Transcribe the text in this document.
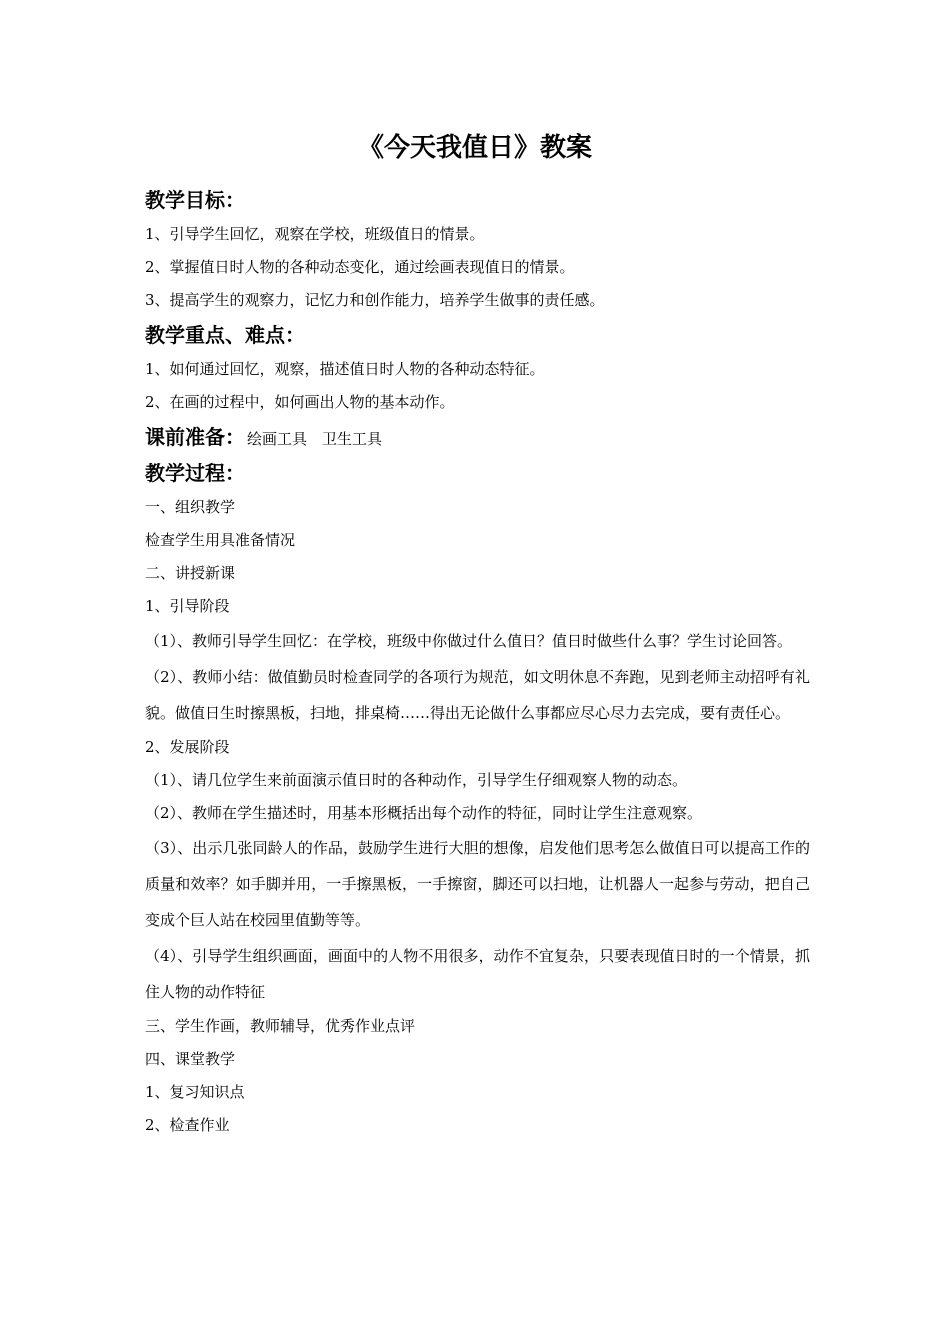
《今天我值日》教案
教学目标：
1、引导学生回忆，观察在学校，班级值日的情景。
2、掌握值日时人物的各种动态变化，通过绘画表现值日的情景。
3、提高学生的观察力，记忆力和创作能力，培养学生做事的责任感。
教学重点、难点：
1、如何通过回忆，观察，描述值日时人物的各种动态特征。
2、在画的过程中，如何画出人物的基本动作。
课前准备： 绘画工具　卫生工具
教学过程：
一、组织教学
检查学生用具准备情况
二、讲授新课
1、引导阶段
（1）、教师引导学生回忆：在学校，班级中你做过什么值日？值日时做些什么事？学生讨论回答。
（2）、教师小结：做值勤员时检查同学的各项行为规范，如文明休息不奔跑，见到老师主动招呼有礼貌。做值日生时擦黑板，扫地，排桌椅……得出无论做什么事都应尽心尽力去完成，要有责任心。
2、发展阶段
（1）、请几位学生来前面演示值日时的各种动作，引导学生仔细观察人物的动态。
（2）、教师在学生描述时，用基本形概括出每个动作的特征，同时让学生注意观察。
（3）、出示几张同龄人的作品，鼓励学生进行大胆的想像，启发他们思考怎么做值日可以提高工作的质量和效率？如手脚并用，一手擦黑板，一手擦窗，脚还可以扫地，让机器人一起参与劳动，把自己变成个巨人站在校园里值勤等等。
（4）、引导学生组织画面，画面中的人物不用很多，动作不宜复杂，只要表现值日时的一个情景，抓住人物的动作特征
三、学生作画，教师辅导，优秀作业点评
四、课堂教学
1、复习知识点
2、检查作业
